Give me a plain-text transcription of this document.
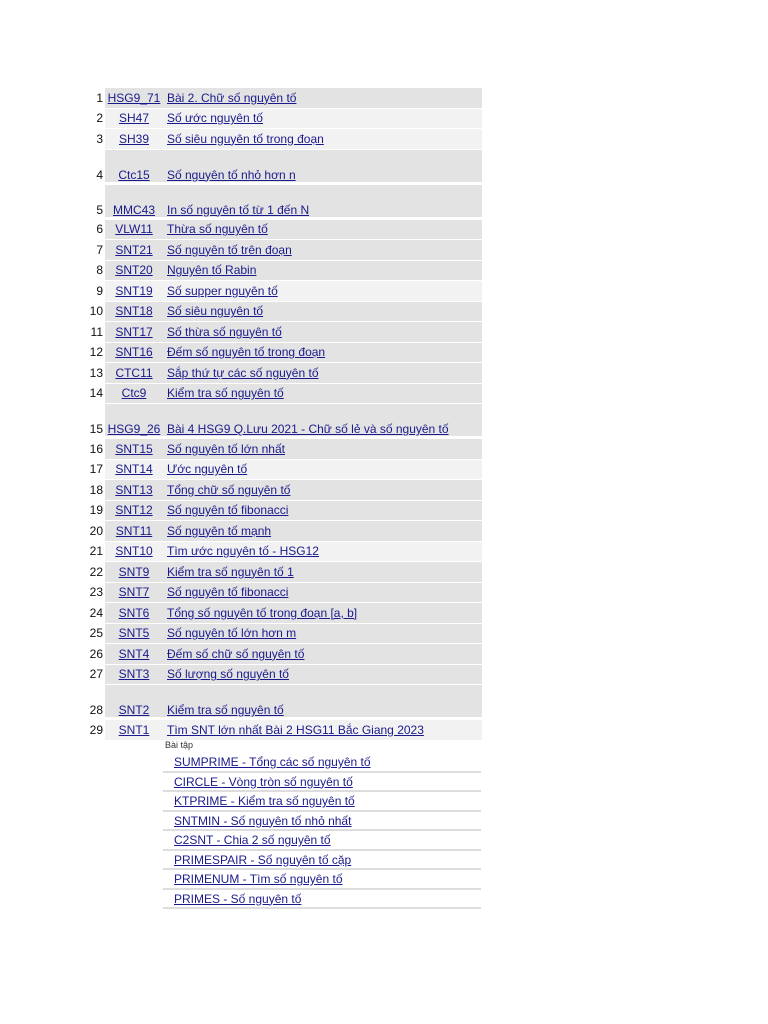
1 HSG9_71 Bài 2. Chữ số nguyên tố
2 SH47 Số ước nguyên tố
3 SH39 Số siêu nguyên tố trong đoạn
4 Ctc15 Số nguyên tố nhỏ hơn n
5 MMC43 In số nguyên tố từ 1 đến N
6 VLW11 Thừa số nguyên tố
7 SNT21 Số nguyên tố trên đoạn
8 SNT20 Nguyên tố Rabin
9 SNT19 Số supper nguyên tố
10 SNT18 Số siêu nguyên tố
11 SNT17 Số thừa số nguyên tố
12 SNT16 Đếm số nguyên tố trong đoạn
13 CTC11 Sắp thứ tự các số nguyên tố
14 Ctc9 Kiểm tra số nguyên tố
15 HSG9_26 Bài 4 HSG9 Q.Lưu 2021 - Chữ số lẻ và số nguyên tố
16 SNT15 Số nguyên tố lớn nhất
17 SNT14 Ước nguyên tố
18 SNT13 Tổng chữ số nguyên tố
19 SNT12 Số nguyên tố fibonacci
20 SNT11 Số nguyên tố mạnh
21 SNT10 Tìm ước nguyên tố - HSG12
22 SNT9 Kiểm tra số nguyên tố 1
23 SNT7 Số nguyên tố fibonacci
24 SNT6 Tổng số nguyên tố trong đoạn [a, b]
25 SNT5 Số nguyên tố lớn hơn m
26 SNT4 Đếm số chữ số nguyên tố
27 SNT3 Số lượng số nguyên tố
28 SNT2 Kiểm tra số nguyên tố
29 SNT1 Tìm SNT lớn nhất Bài 2 HSG11 Bắc Giang 2023
Bài tập
SUMPRIME - Tổng các số nguyên tố
CIRCLE - Vòng tròn số nguyên tố
KTPRIME - Kiểm tra số nguyên tố
SNTMIN - Số nguyên tố nhỏ nhất
C2SNT - Chia 2 số nguyên tố
PRIMESPAIR - Số nguyên tố cặp
PRIMENUM - Tìm số nguyên tố
PRIMES - Số nguyên tố
